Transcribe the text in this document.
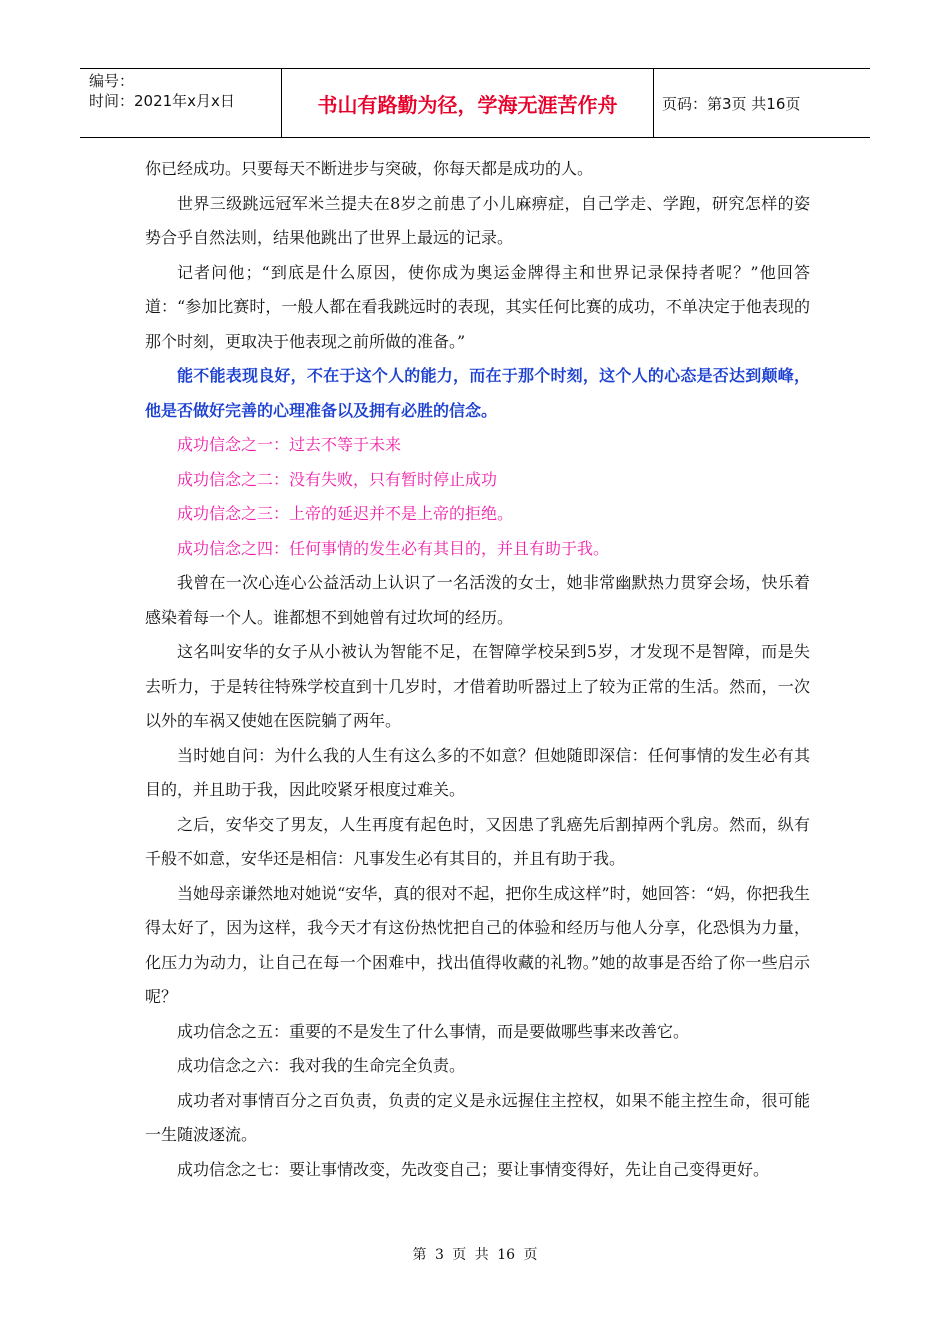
编号：
时间：2021年x月x日	书山有路勤为径，学海无涯苦作舟	页码：第3页 共16页

你已经成功。只要每天不断进步与突破，你每天都是成功的人。

世界三级跳远冠军米兰提夫在8岁之前患了小儿麻痹症，自己学走、学跑，研究怎样的姿势合乎自然法则，结果他跳出了世界上最远的记录。

记者问他；“到底是什么原因，使你成为奥运金牌得主和世界记录保持者呢？”他回答道：“参加比赛时，一般人都在看我跳远时的表现，其实任何比赛的成功，不单决定于他表现的那个时刻，更取决于他表现之前所做的准备。”

能不能表现良好，不在于这个人的能力，而在于那个时刻，这个人的心态是否达到颠峰，他是否做好完善的心理准备以及拥有必胜的信念。

成功信念之一：过去不等于未来

成功信念之二：没有失败，只有暂时停止成功

成功信念之三：上帝的延迟并不是上帝的拒绝。

成功信念之四：任何事情的发生必有其目的，并且有助于我。

我曾在一次心连心公益活动上认识了一名活泼的女士，她非常幽默热力贯穿会场，快乐着感染着每一个人。谁都想不到她曾有过坎坷的经历。

这名叫安华的女子从小被认为智能不足，在智障学校呆到5岁，才发现不是智障，而是失去听力，于是转往特殊学校直到十几岁时，才借着助听器过上了较为正常的生活。然而，一次以外的车祸又使她在医院躺了两年。

当时她自问：为什么我的人生有这么多的不如意？但她随即深信：任何事情的发生必有其目的，并且助于我，因此咬紧牙根度过难关。

之后，安华交了男友，人生再度有起色时，又因患了乳癌先后割掉两个乳房。然而，纵有千般不如意，安华还是相信：凡事发生必有其目的，并且有助于我。

当她母亲谦然地对她说“安华，真的很对不起，把你生成这样”时，她回答：“妈，你把我生得太好了，因为这样，我今天才有这份热忱把自己的体验和经历与他人分享，化恐惧为力量，化压力为动力，让自己在每一个困难中，找出值得收藏的礼物。”她的故事是否给了你一些启示呢？

成功信念之五：重要的不是发生了什么事情，而是要做哪些事来改善它。

成功信念之六：我对我的生命完全负责。

成功者对事情百分之百负责，负责的定义是永远握住主控权，如果不能主控生命，很可能一生随波逐流。

成功信念之七：要让事情改变，先改变自己；要让事情变得好，先让自己变得更好。

第 3 页 共 16 页
